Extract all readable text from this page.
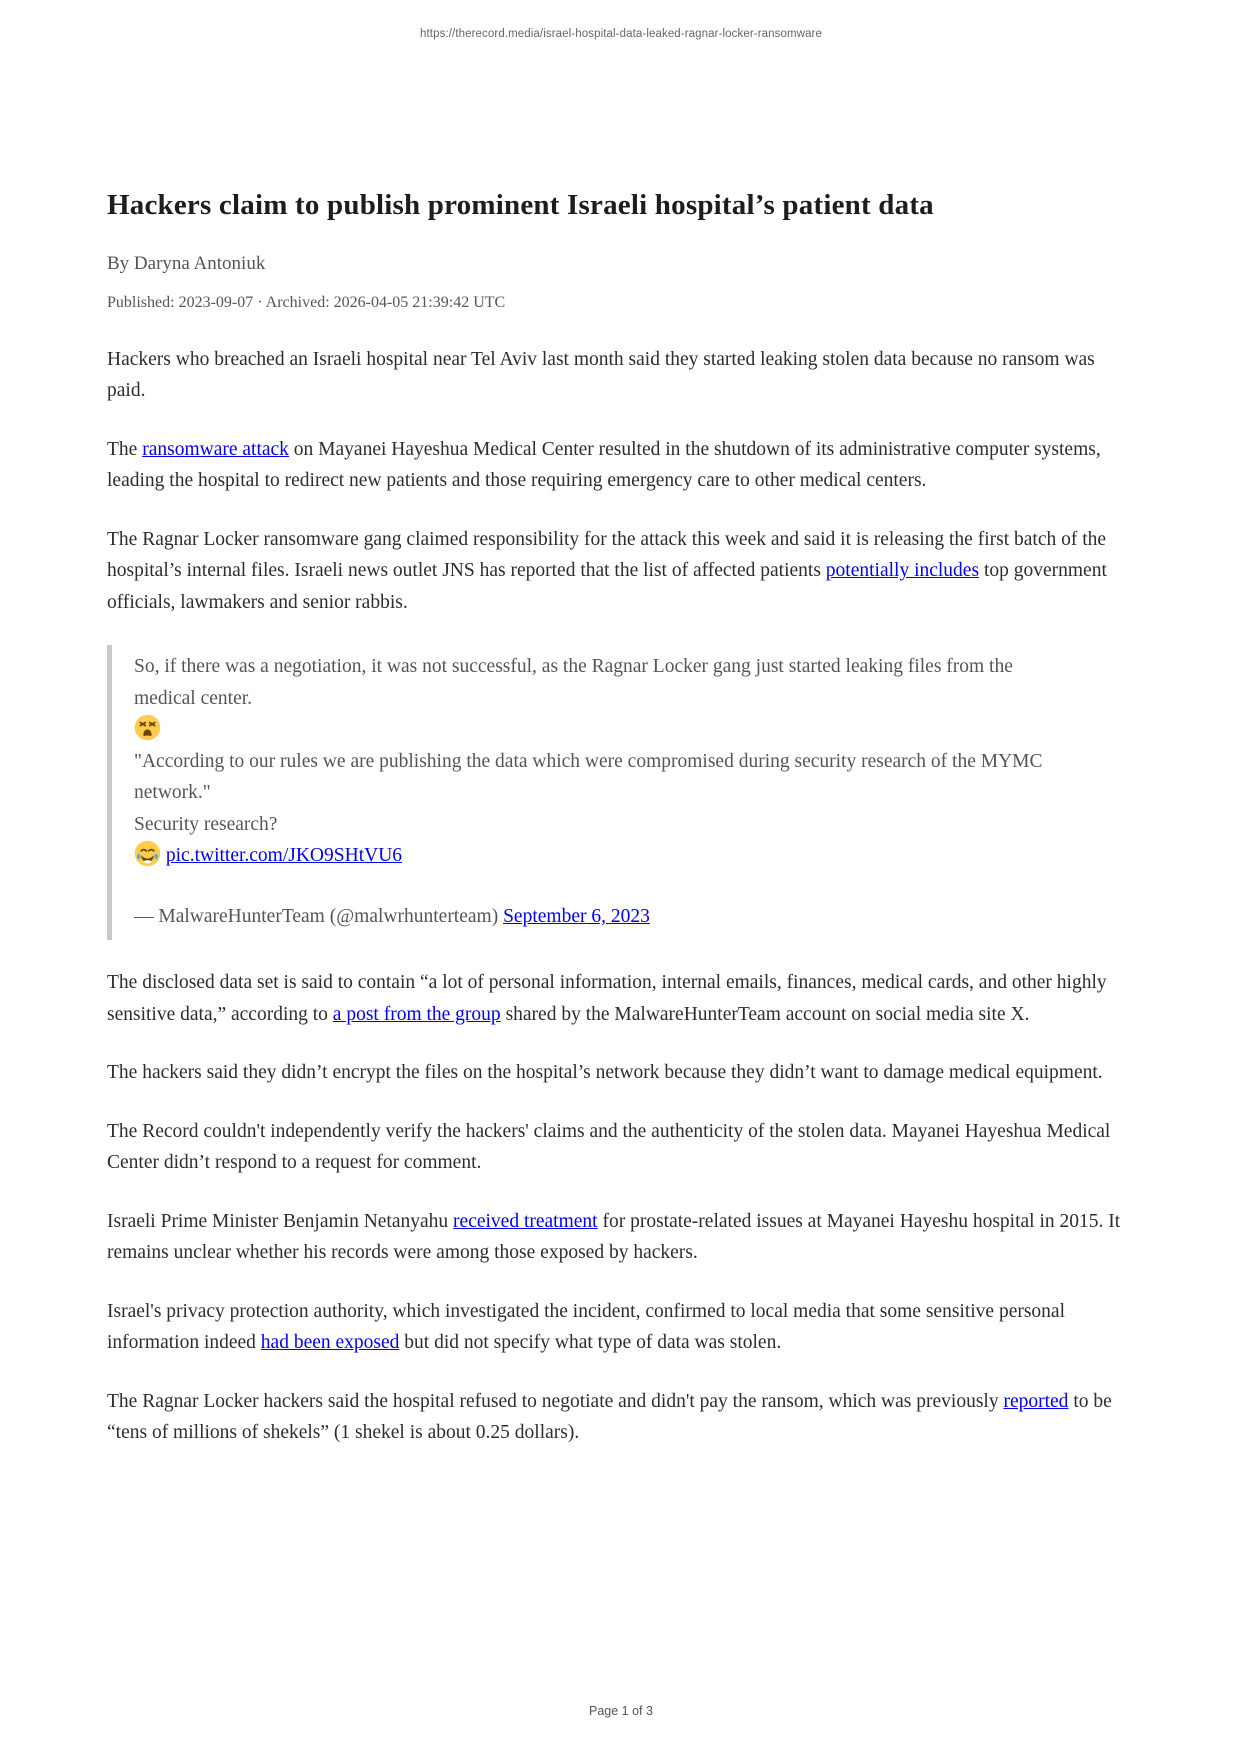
https://therecord.media/israel-hospital-data-leaked-ragnar-locker-ransomware
Hackers claim to publish prominent Israeli hospital’s patient data
By Daryna Antoniuk
Published: 2023-09-07 · Archived: 2026-04-05 21:39:42 UTC

Hackers who breached an Israeli hospital near Tel Aviv last month said they started leaking stolen data because no ransom was paid.

The ransomware attack on Mayanei Hayeshua Medical Center resulted in the shutdown of its administrative computer systems, leading the hospital to redirect new patients and those requiring emergency care to other medical centers.

The Ragnar Locker ransomware gang claimed responsibility for the attack this week and said it is releasing the first batch of the hospital’s internal files. Israeli news outlet JNS has reported that the list of affected patients potentially includes top government officials, lawmakers and senior rabbis.

So, if there was a negotiation, it was not successful, as the Ragnar Locker gang just started leaking files from the medical center.

"According to our rules we are publishing the data which were compromised during security research of the MYMC network."
Security research?
pic.twitter.com/JKO9SHtVU6

— MalwareHunterTeam (@malwrhunterteam) September 6, 2023

The disclosed data set is said to contain “a lot of personal information, internal emails, finances, medical cards, and other highly sensitive data,” according to a post from the group shared by the MalwareHunterTeam account on social media site X.

The hackers said they didn’t encrypt the files on the hospital’s network because they didn’t want to damage medical equipment.

The Record couldn't independently verify the hackers' claims and the authenticity of the stolen data. Mayanei Hayeshua Medical Center didn’t respond to a request for comment.

Israeli Prime Minister Benjamin Netanyahu received treatment for prostate-related issues at Mayanei Hayeshu hospital in 2015. It remains unclear whether his records were among those exposed by hackers.

Israel's privacy protection authority, which investigated the incident, confirmed to local media that some sensitive personal information indeed had been exposed but did not specify what type of data was stolen.

The Ragnar Locker hackers said the hospital refused to negotiate and didn't pay the ransom, which was previously reported to be “tens of millions of shekels” (1 shekel is about 0.25 dollars).

Page 1 of 3
